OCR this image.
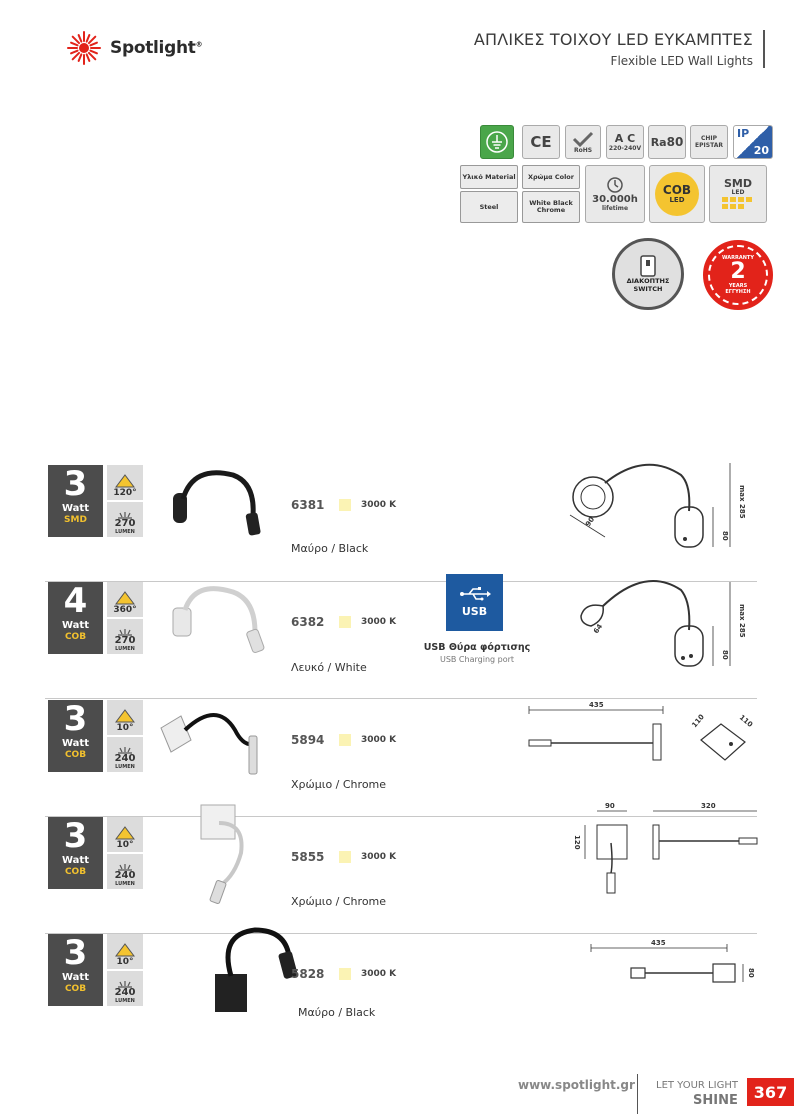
Spotlight®	ΑΠΛΙΚΕΣ ΤΟΙΧΟΥ LED ΕΥΚΑΜΠΤΕΣ
Flexible LED Wall Lights
CE	RoHS
A C
220-240V Ra 80	CHIP
EPISTAR
IP
20
Υλικό Material
Steel
Χρώμα Color
White Black Chrome
30.000h
lifetime
COB
LED
SMD
LED
ΔΙΑΚΟΠΤΗΣ
SWITCH
WARRANTY
2
YEARS
ΕΓΓΥΗΣΗ
3
Watt
SMD
120°
270
LUMEN
6381	3000 K
Μαύρο / Black
90
80
max 285
4
Watt
COB
360°
270
LUMEN
6382	3000 K
Λευκό / White
USB
USB Θύρα φόρτισης
USB Charging port
64
80
max 285
3
Watt
COB
10°
240
LUMEN
5894	3000 K
Χρώμιο / Chrome
435
110	110
3
Watt
COB
10°
240
LUMEN
5855	3000 K
Χρώμιο / Chrome
90
120
320
3
Watt
COB
10°
240
LUMEN
5828	3000 K
Μαύρο / Black
435
80
www.spotlight.gr LET YOUR LIGHT
SHINE 367
